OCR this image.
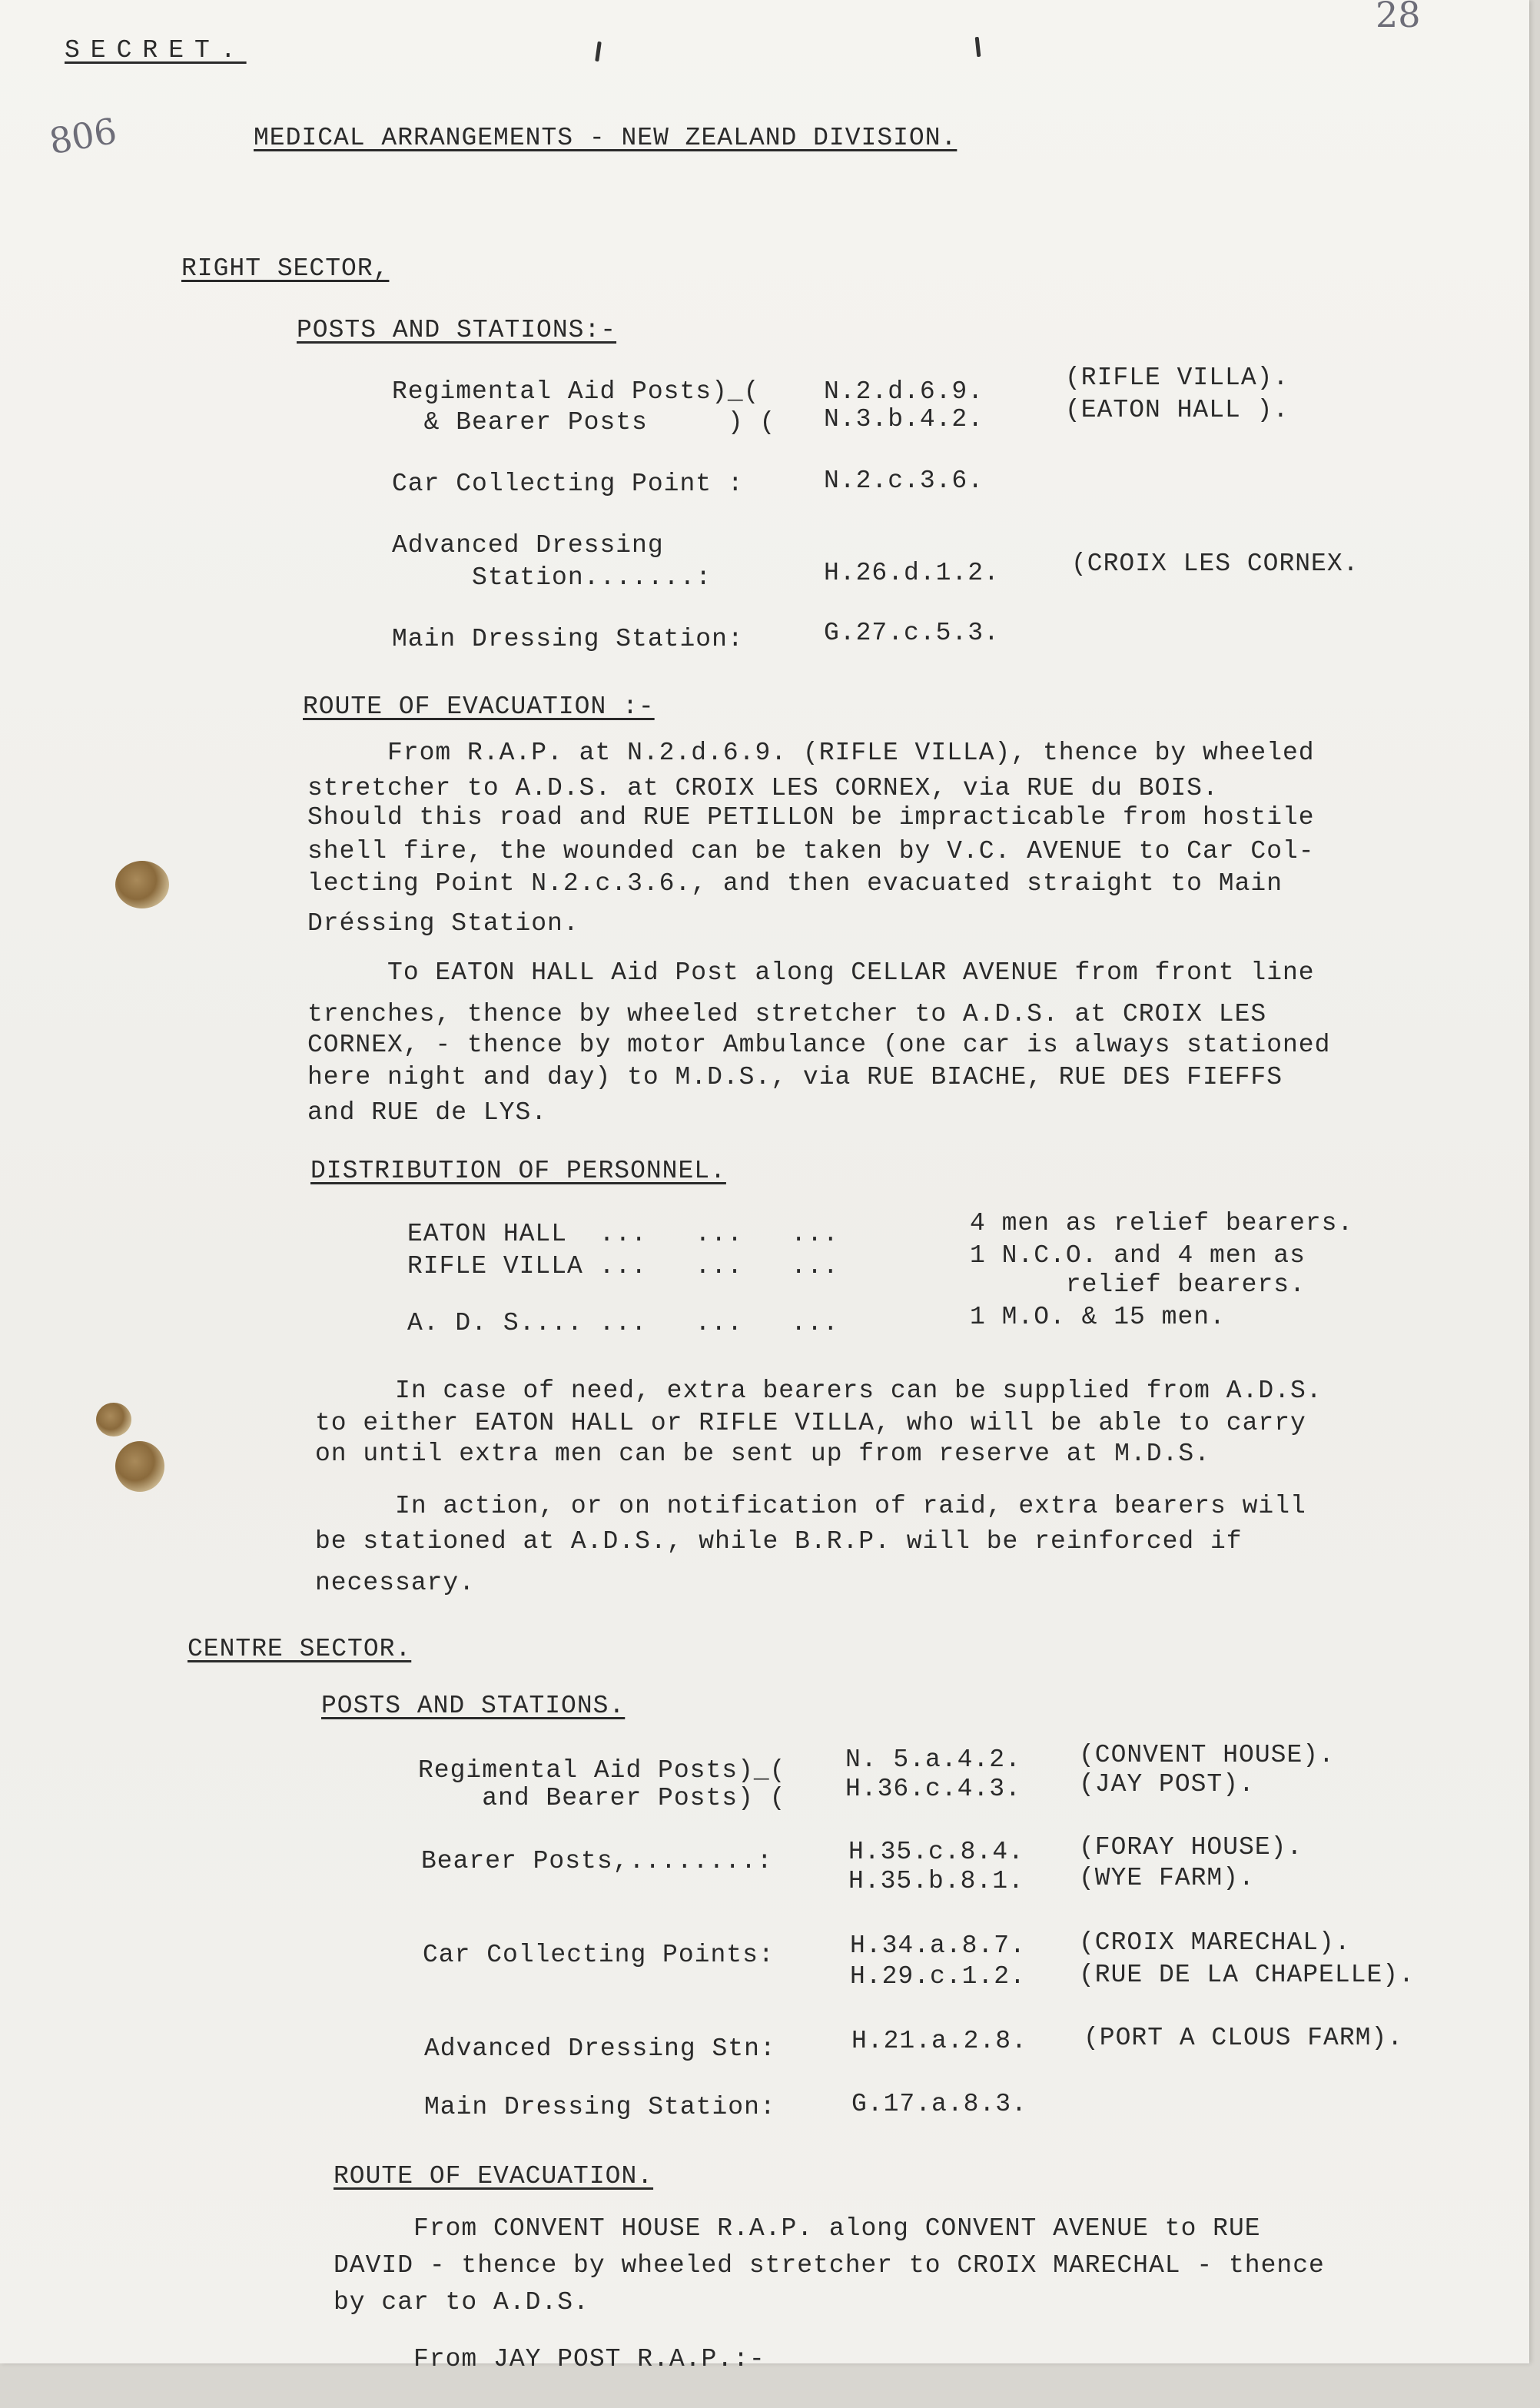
SECRET.
28
806	MEDICAL ARRANGEMENTS - NEW ZEALAND DIVISION.
RIGHT SECTOR,
POSTS AND STATIONS:-
Regimental Aid Posts)_(	N.2.d.6.9.	(RIFLE VILLA).
& Bearer Posts     ) ( N.3.b.4.2.	(EATON HALL ).
Car Collecting Point :	N.2.c.3.6.
Advanced Dressing
Station.......:	H.26.d.1.2.	(CROIX LES CORNEX.
Main Dressing Station:	G.27.c.5.3.
ROUTE OF EVACUATION :-
From R.A.P. at N.2.d.6.9. (RIFLE VILLA), thence by wheeled
stretcher to A.D.S. at CROIX LES CORNEX, via RUE du BOIS.
Should this road and RUE PETILLON be impracticable from hostile
shell fire, the wounded can be taken by V.C. AVENUE to Car Col-
lecting Point N.2.c.3.6., and then evacuated straight to Main
Dréssing Station.
To EATON HALL Aid Post along CELLAR AVENUE from front line
trenches, thence by wheeled stretcher to A.D.S. at CROIX LES
CORNEX, - thence by motor Ambulance (one car is always stationed
here night and day) to M.D.S., via RUE BIACHE, RUE DES FIEFFS
and RUE de LYS.
DISTRIBUTION OF PERSONNEL.
EATON HALL  ...   ...   ...	4 men as relief bearers.
RIFLE VILLA ...   ...   ...	1 N.C.O. and 4 men as
relief bearers.
A. D. S.... ...   ...   ...	1 M.O. & 15 men.
In case of need, extra bearers can be supplied from A.D.S.
to either EATON HALL or RIFLE VILLA, who will be able to carry
on until extra men can be sent up from reserve at M.D.S.
In action, or on notification of raid, extra bearers will
be stationed at A.D.S., while B.R.P. will be reinforced if
necessary.
CENTRE SECTOR.
POSTS AND STATIONS.
Regimental Aid Posts)_( N. 5.a.4.2. (CONVENT HOUSE).
and Bearer Posts) ( H.36.c.4.3. (JAY POST).
Bearer Posts,........: H.35.c.8.4. (FORAY HOUSE).
H.35.b.8.1. (WYE FARM).
Car Collecting Points: H.34.a.8.7. (CROIX MARECHAL).
H.29.c.1.2. (RUE DE LA CHAPELLE).
Advanced Dressing Stn: H.21.a.2.8. (PORT A CLOUS FARM).
Main Dressing Station: G.17.a.8.3.
ROUTE OF EVACUATION.
From CONVENT HOUSE R.A.P. along CONVENT AVENUE to RUE
DAVID - thence by wheeled stretcher to CROIX MARECHAL - thence
by car to A.D.S.
From JAY POST R.A.P.:-
